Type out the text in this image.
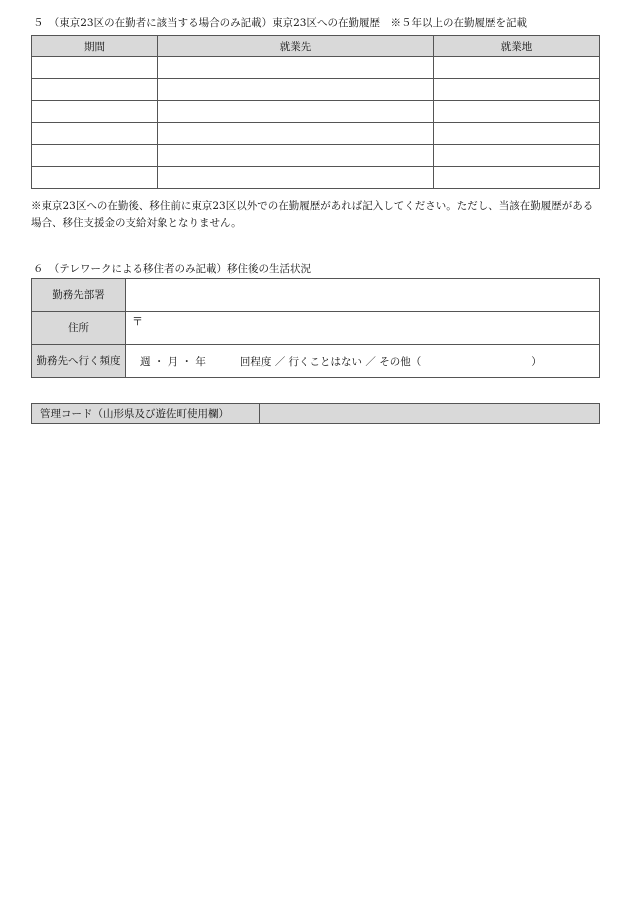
５　（東京23区の在勤者に該当する場合のみ記載）東京23区への在勤履歴　※５年以上の在勤履歴を記載
期間	就業先	就業地

※東京23区への在勤後、移住前に東京23区以外での在勤履歴があれば記入してください。ただし、当該在勤履歴がある場合、移住支援金の支給対象となりません。
６　（テレワークによる移住者のみ記載）移住後の生活状況
勤務先部署	
住所	〒

勤務先へ行く頻度	週 ・ 月 ・ 年 回程度 ／ 行くことはない ／ その他（ ）
管理コード（山形県及び遊佐町使用欄）	
